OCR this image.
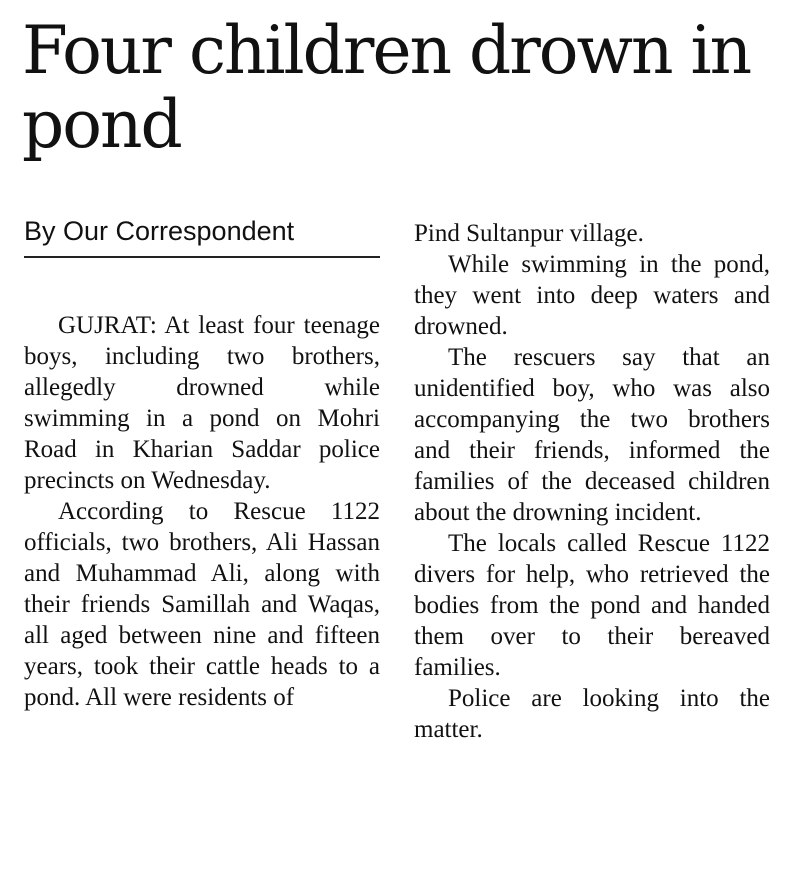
Four children drown in pond
By Our Correspondent

GUJRAT: At least four teenage boys, including two brothers, allegedly drowned while swimming in a pond on Mohri Road in Kharian Saddar police precincts on Wednesday.

According to Rescue 1122 officials, two brothers, Ali Hassan and Muhammad Ali, along with their friends Samillah and Waqas, all aged between nine and fifteen years, took their cattle heads to a pond. All were residents of

Pind Sultanpur village.

While swimming in the pond, they went into deep waters and drowned.

The rescuers say that an unidentified boy, who was also accompanying the two brothers and their friends, informed the families of the deceased children about the drowning incident.

The locals called Rescue 1122 divers for help, who retrieved the bodies from the pond and handed them over to their bereaved families.

Police are looking into the matter.
